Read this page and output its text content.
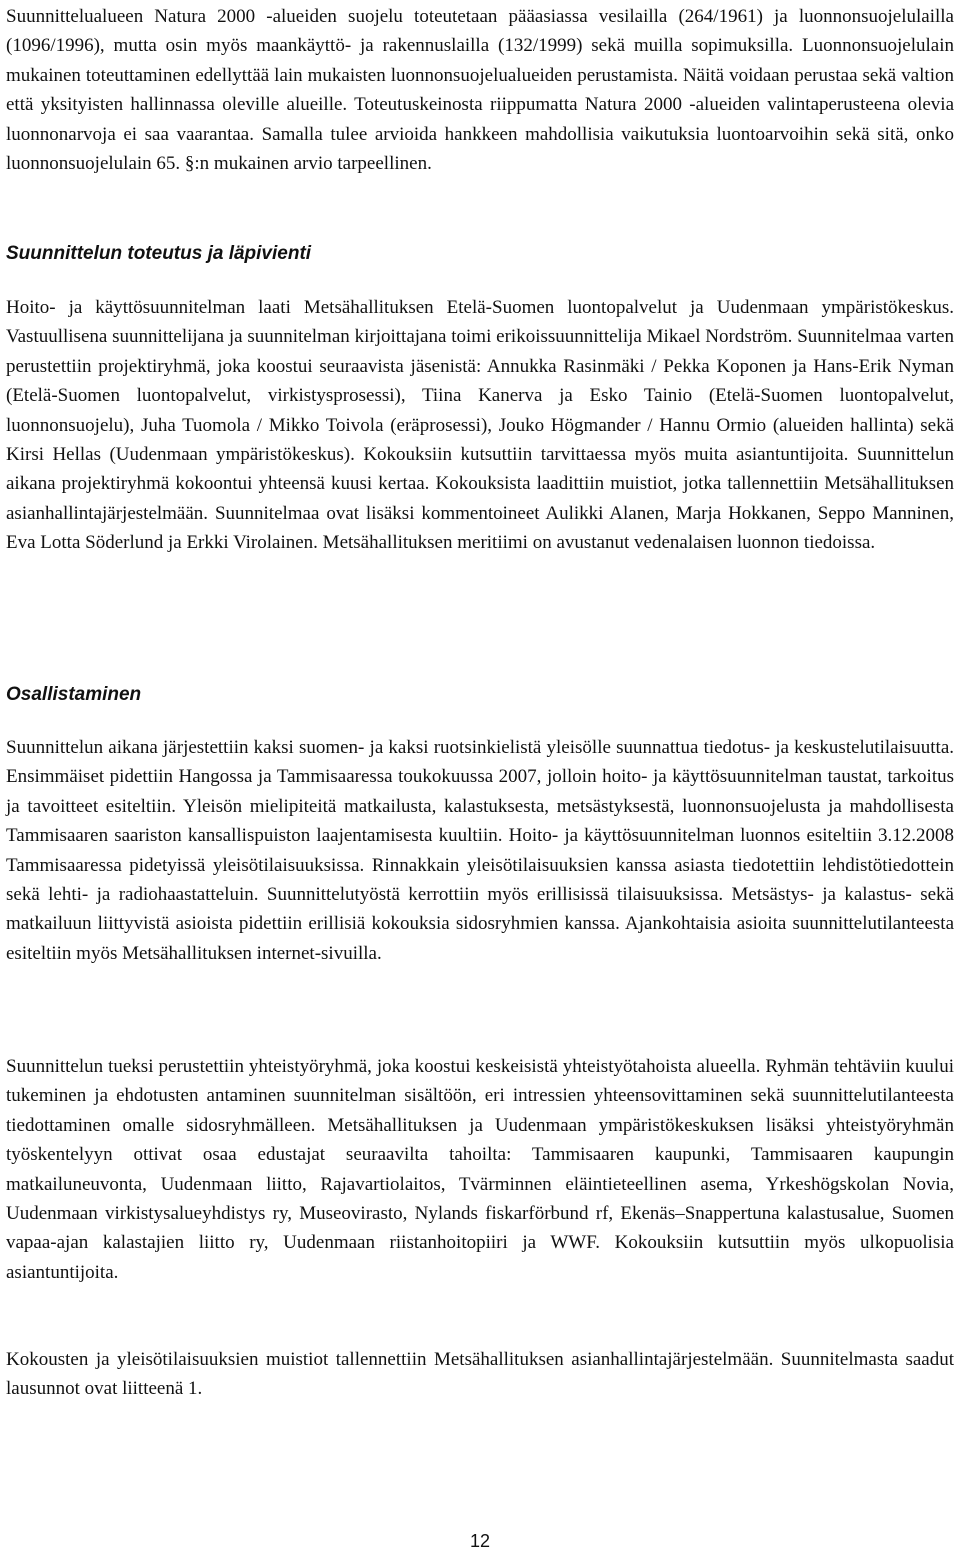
Suunnittelualueen Natura 2000 -alueiden suojelu toteutetaan pääasiassa vesilailla (264/1961) ja luonnonsuojelulailla (1096/1996), mutta osin myös maankäyttö- ja rakennuslailla (132/1999) sekä muilla sopimuksilla. Luonnonsuojelulain mukainen toteuttaminen edellyttää lain mukaisten luonnonsuojelualueiden perustamista. Näitä voidaan perustaa sekä valtion että yksityisten hallinnassa oleville alueille. Toteutuskeinosta riippumatta Natura 2000 -alueiden valintaperusteena olevia luonnonarvoja ei saa vaarantaa. Samalla tulee arvioida hankkeen mahdollisia vaikutuksia luontoarvoihin sekä sitä, onko luonnonsuojelulain 65. §:n mukainen arvio tarpeellinen.

Suunnittelun toteutus ja läpivienti

Hoito- ja käyttösuunnitelman laati Metsähallituksen Etelä-Suomen luontopalvelut ja Uudenmaan ympäristökeskus. Vastuullisena suunnittelijana ja suunnitelman kirjoittajana toimi erikoissuunnittelija Mikael Nordström. Suunnitelmaa varten perustettiin projektiryhmä, joka koostui seuraavista jäsenistä: Annukka Rasinmäki / Pekka Koponen ja Hans-Erik Nyman (Etelä-Suomen luontopalvelut, virkistysprosessi), Tiina Kanerva ja Esko Tainio (Etelä-Suomen luontopalvelut, luonnonsuojelu), Juha Tuomola / Mikko Toivola (eräprosessi), Jouko Högmander / Hannu Ormio (alueiden hallinta) sekä Kirsi Hellas (Uudenmaan ympäristökeskus). Kokouksiin kutsuttiin tarvittaessa myös muita asiantuntijoita. Suunnittelun aikana projektiryhmä kokoontui yhteensä kuusi kertaa. Kokouksista laadittiin muistiot, jotka tallennettiin Metsähallituksen asianhallintajärjestelmään. Suunnitelmaa ovat lisäksi kommentoineet Aulikki Alanen, Marja Hokkanen, Seppo Manninen, Eva Lotta Söderlund ja Erkki Virolainen. Metsähallituksen meritiimi on avustanut vedenalaisen luonnon tiedoissa.

Osallistaminen

Suunnittelun aikana järjestettiin kaksi suomen- ja kaksi ruotsinkielistä yleisölle suunnattua tiedotus- ja keskustelutilaisuutta. Ensimmäiset pidettiin Hangossa ja Tammisaaressa toukokuussa 2007, jolloin hoito- ja käyttösuunnitelman taustat, tarkoitus ja tavoitteet esiteltiin. Yleisön mielipiteitä matkailusta, kalastuksesta, metsästyksestä, luonnonsuojelusta ja mahdollisesta Tammisaaren saariston kansallispuiston laajentamisesta kuultiin. Hoito- ja käyttösuunnitelman luonnos esiteltiin 3.12.2008 Tammisaaressa pidetyissä yleisötilaisuuksissa. Rinnakkain yleisötilaisuuksien kanssa asiasta tiedotettiin lehdistötiedottein sekä lehti- ja radiohaastatteluin. Suunnittelutyöstä kerrottiin myös erillisissä tilaisuuksissa. Metsästys- ja kalastus- sekä matkailuun liittyvistä asioista pidettiin erillisiä kokouksia sidosryhmien kanssa. Ajankohtaisia asioita suunnittelutilanteesta esiteltiin myös Metsähallituksen internet-sivuilla.

Suunnittelun tueksi perustettiin yhteistyöryhmä, joka koostui keskeisistä yhteistyötahoista alueella. Ryhmän tehtäviin kuului tukeminen ja ehdotusten antaminen suunnitelman sisältöön, eri intressien yhteensovittaminen sekä suunnittelutilanteesta tiedottaminen omalle sidosryhmälleen. Metsähallituksen ja Uudenmaan ympäristökeskuksen lisäksi yhteistyöryhmän työskentelyyn ottivat osaa edustajat seuraavilta tahoilta: Tammisaaren kaupunki, Tammisaaren kaupungin matkailuneuvonta, Uudenmaan liitto, Rajavartiolaitos, Tvärminnen eläintieteellinen asema, Yrkeshögskolan Novia, Uudenmaan virkistysalueyhdistys ry, Museovirasto, Nylands fiskarförbund rf, Ekenäs–Snappertuna kalastusalue, Suomen vapaa-ajan kalastajien liitto ry, Uudenmaan riistanhoitopiiri ja WWF. Kokouksiin kutsuttiin myös ulkopuolisia asiantuntijoita.

Kokousten ja yleisötilaisuuksien muistiot tallennettiin Metsähallituksen asianhallintajärjestelmään. Suunnitelmasta saadut lausunnot ovat liitteenä 1.

12
